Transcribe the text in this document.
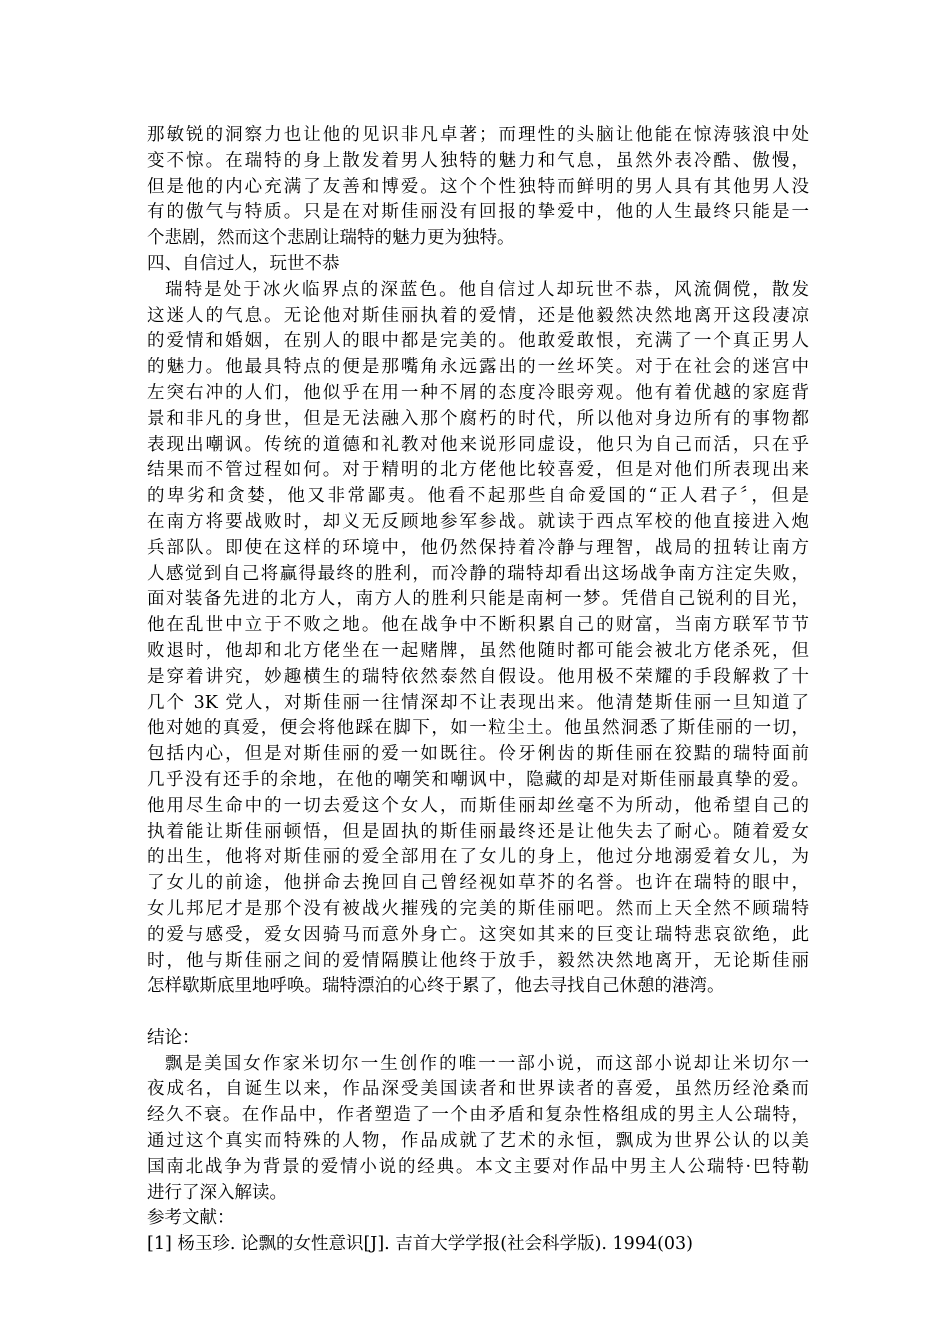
那敏锐的洞察力也让他的见识非凡卓著；而理性的头脑让他能在惊涛骇浪中处
变不惊。在瑞特的身上散发着男人独特的魅力和气息，虽然外表冷酷、傲慢，
但是他的内心充满了友善和博爱。这个个性独特而鲜明的男人具有其他男人没
有的傲气与特质。只是在对斯佳丽没有回报的挚爱中，他的人生最终只能是一
个悲剧，然而这个悲剧让瑞特的魅力更为独特。
四、自信过人，玩世不恭
瑞特是处于冰火临界点的深蓝色。他自信过人却玩世不恭，风流倜傥，散发
这迷人的气息。无论他对斯佳丽执着的爱情，还是他毅然决然地离开这段凄凉
的爱情和婚姻，在别人的眼中都是完美的。他敢爱敢恨，充满了一个真正男人
的魅力。他最具特点的便是那嘴角永远露出的一丝坏笑。对于在社会的迷宫中
左突右冲的人们，他似乎在用一种不屑的态度冷眼旁观。他有着优越的家庭背
景和非凡的身世，但是无法融入那个腐朽的时代，所以他对身边所有的事物都
表现出嘲讽。传统的道德和礼教对他来说形同虚设，他只为自己而活，只在乎
结果而不管过程如何。对于精明的北方佬他比较喜爱，但是对他们所表现出来
的卑劣和贪婪，他又非常鄙夷。他看不起那些自命爱国的“正人君子〞，但是
在南方将要战败时，却义无反顾地参军参战。就读于西点军校的他直接进入炮
兵部队。即使在这样的环境中，他仍然保持着冷静与理智，战局的扭转让南方
人感觉到自己将赢得最终的胜利，而冷静的瑞特却看出这场战争南方注定失败，
面对装备先进的北方人，南方人的胜利只能是南柯一梦。凭借自己锐利的目光，
他在乱世中立于不败之地。他在战争中不断积累自己的财富，当南方联军节节
败退时，他却和北方佬坐在一起赌牌，虽然他随时都可能会被北方佬杀死，但
是穿着讲究，妙趣横生的瑞特依然泰然自假设。他用极不荣耀的手段解救了十
几个 3K 党人，对斯佳丽一往情深却不让表现出来。他清楚斯佳丽一旦知道了
他对她的真爱，便会将他踩在脚下，如一粒尘土。他虽然洞悉了斯佳丽的一切，
包括内心，但是对斯佳丽的爱一如既往。伶牙俐齿的斯佳丽在狡黠的瑞特面前
几乎没有还手的余地，在他的嘲笑和嘲讽中，隐藏的却是对斯佳丽最真挚的爱。
他用尽生命中的一切去爱这个女人，而斯佳丽却丝毫不为所动，他希望自己的
执着能让斯佳丽顿悟，但是固执的斯佳丽最终还是让他失去了耐心。随着爱女
的出生，他将对斯佳丽的爱全部用在了女儿的身上，他过分地溺爱着女儿，为
了女儿的前途，他拼命去挽回自己曾经视如草芥的名誉。也许在瑞特的眼中，
女儿邦尼才是那个没有被战火摧残的完美的斯佳丽吧。然而上天全然不顾瑞特
的爱与感受，爱女因骑马而意外身亡。这突如其来的巨变让瑞特悲哀欲绝，此
时，他与斯佳丽之间的爱情隔膜让他终于放手，毅然决然地离开，无论斯佳丽
怎样歇斯底里地呼唤。瑞特漂泊的心终于累了，他去寻找自己休憩的港湾。
结论：
飘是美国女作家米切尔一生创作的唯一一部小说，而这部小说却让米切尔一
夜成名，自诞生以来，作品深受美国读者和世界读者的喜爱，虽然历经沧桑而
经久不衰。在作品中，作者塑造了一个由矛盾和复杂性格组成的男主人公瑞特，
通过这个真实而特殊的人物，作品成就了艺术的永恒，飘成为世界公认的以美
国南北战争为背景的爱情小说的经典。本文主要对作品中男主人公瑞特·巴特勒
进行了深入解读。
参考文献：
[1] 杨玉珍. 论飘的女性意识[J]. 吉首大学学报(社会科学版). 1994(03)
